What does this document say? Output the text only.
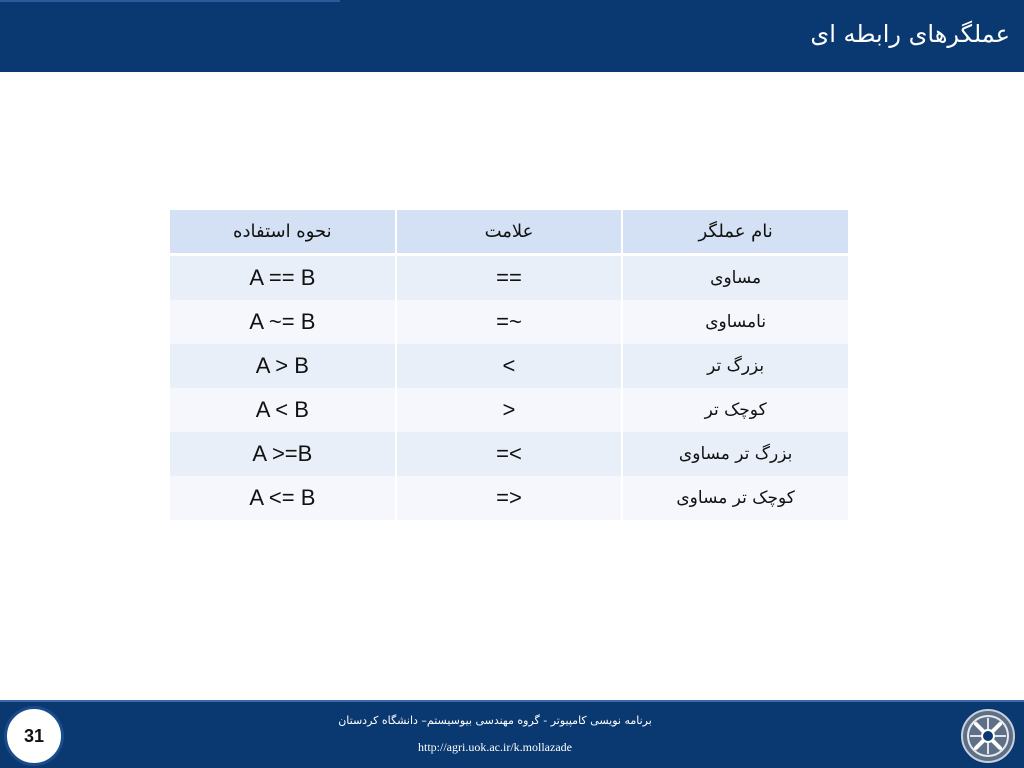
عملگرهای رابطه ای
نام عملگر	علامت	نحوه استفاده
مساوی	==	A == B
نامساوی	~=	A ~= B
بزرگ تر	>	A > B
کوچک تر	<	A < B
بزرگ تر مساوی	>=	A >=B
کوچک تر مساوی	<=	A <= B
31
برنامه نویسی کامپیوتر - گروه مهندسی بیوسیستم– دانشگاه کردستان
http://agri.uok.ac.ir/k.mollazade
